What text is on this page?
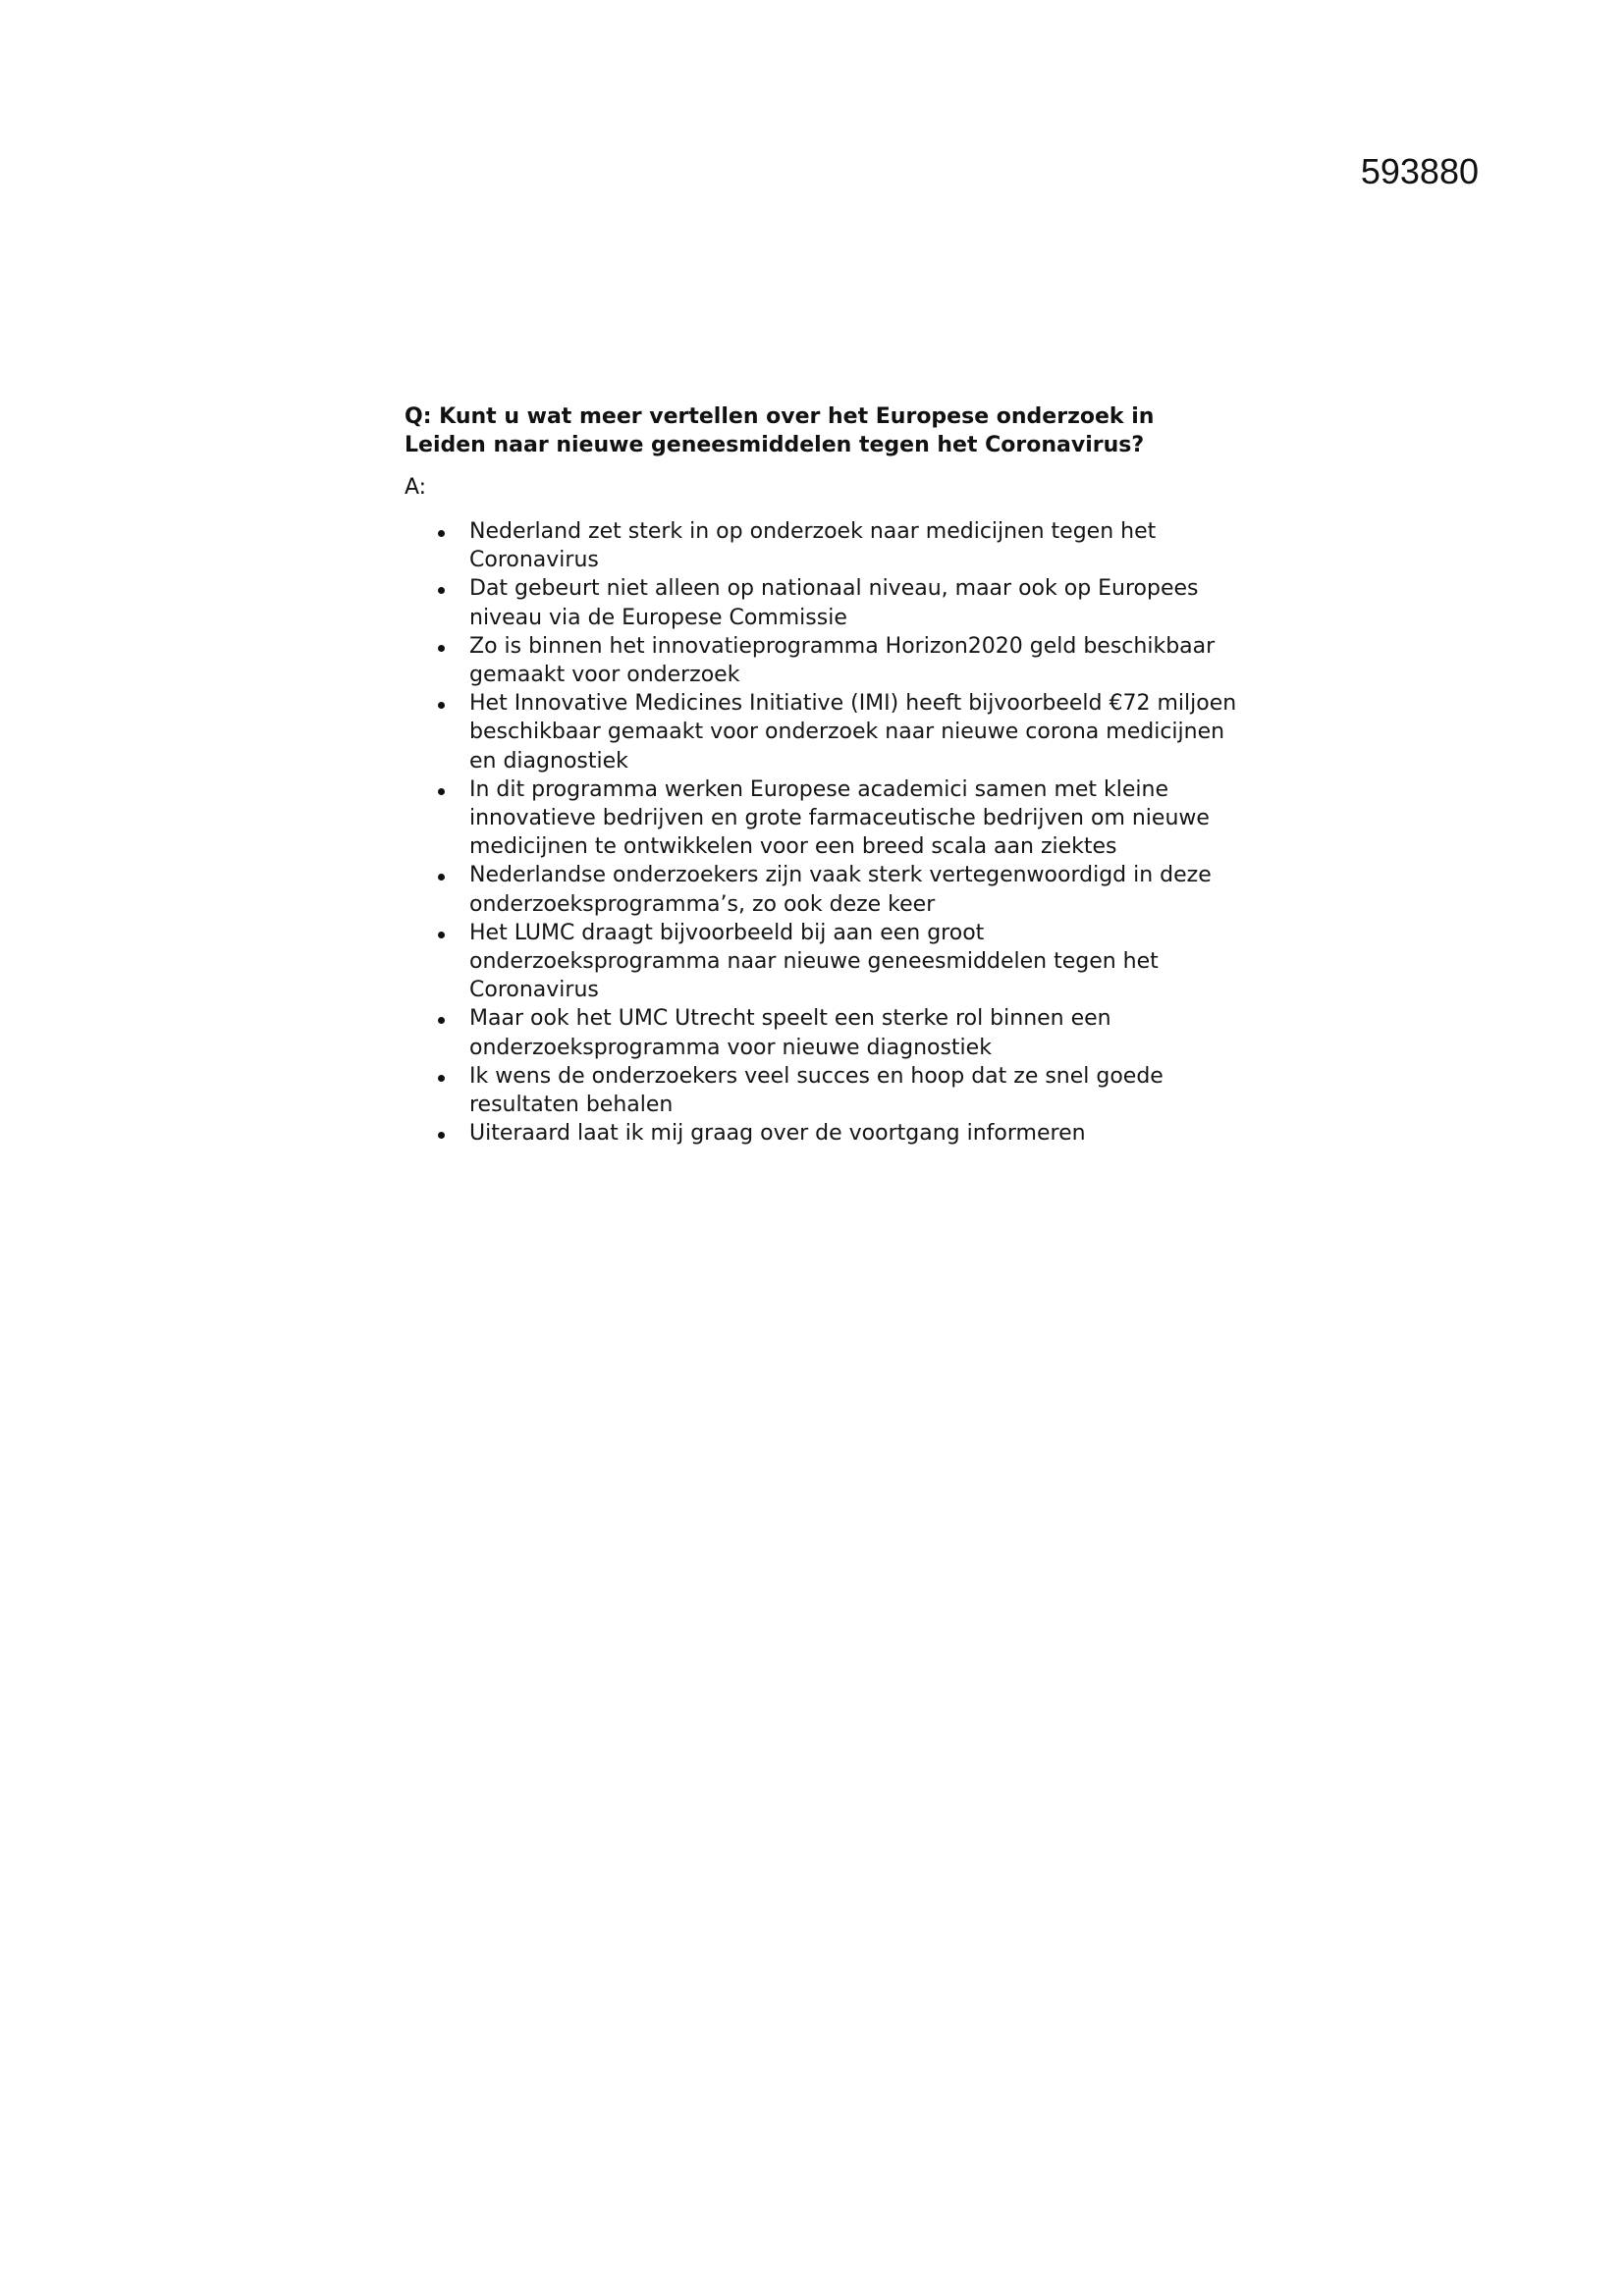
593880

Q: Kunt u wat meer vertellen over het Europese onderzoek in Leiden naar nieuwe geneesmiddelen tegen het Coronavirus?

A:

Nederland zet sterk in op onderzoek naar medicijnen tegen het Coronavirus
Dat gebeurt niet alleen op nationaal niveau, maar ook op Europees niveau via de Europese Commissie
Zo is binnen het innovatieprogramma Horizon2020 geld beschikbaar gemaakt voor onderzoek
Het Innovative Medicines Initiative (IMI) heeft bijvoorbeeld €72 miljoen beschikbaar gemaakt voor onderzoek naar nieuwe corona medicijnen en diagnostiek
In dit programma werken Europese academici samen met kleine innovatieve bedrijven en grote farmaceutische bedrijven om nieuwe medicijnen te ontwikkelen voor een breed scala aan ziektes
Nederlandse onderzoekers zijn vaak sterk vertegenwoordigd in deze onderzoeksprogramma’s, zo ook deze keer
Het LUMC draagt bijvoorbeeld bij aan een groot onderzoeksprogramma naar nieuwe geneesmiddelen tegen het Coronavirus
Maar ook het UMC Utrecht speelt een sterke rol binnen een onderzoeksprogramma voor nieuwe diagnostiek
Ik wens de onderzoekers veel succes en hoop dat ze snel goede resultaten behalen
Uiteraard laat ik mij graag over de voortgang informeren
